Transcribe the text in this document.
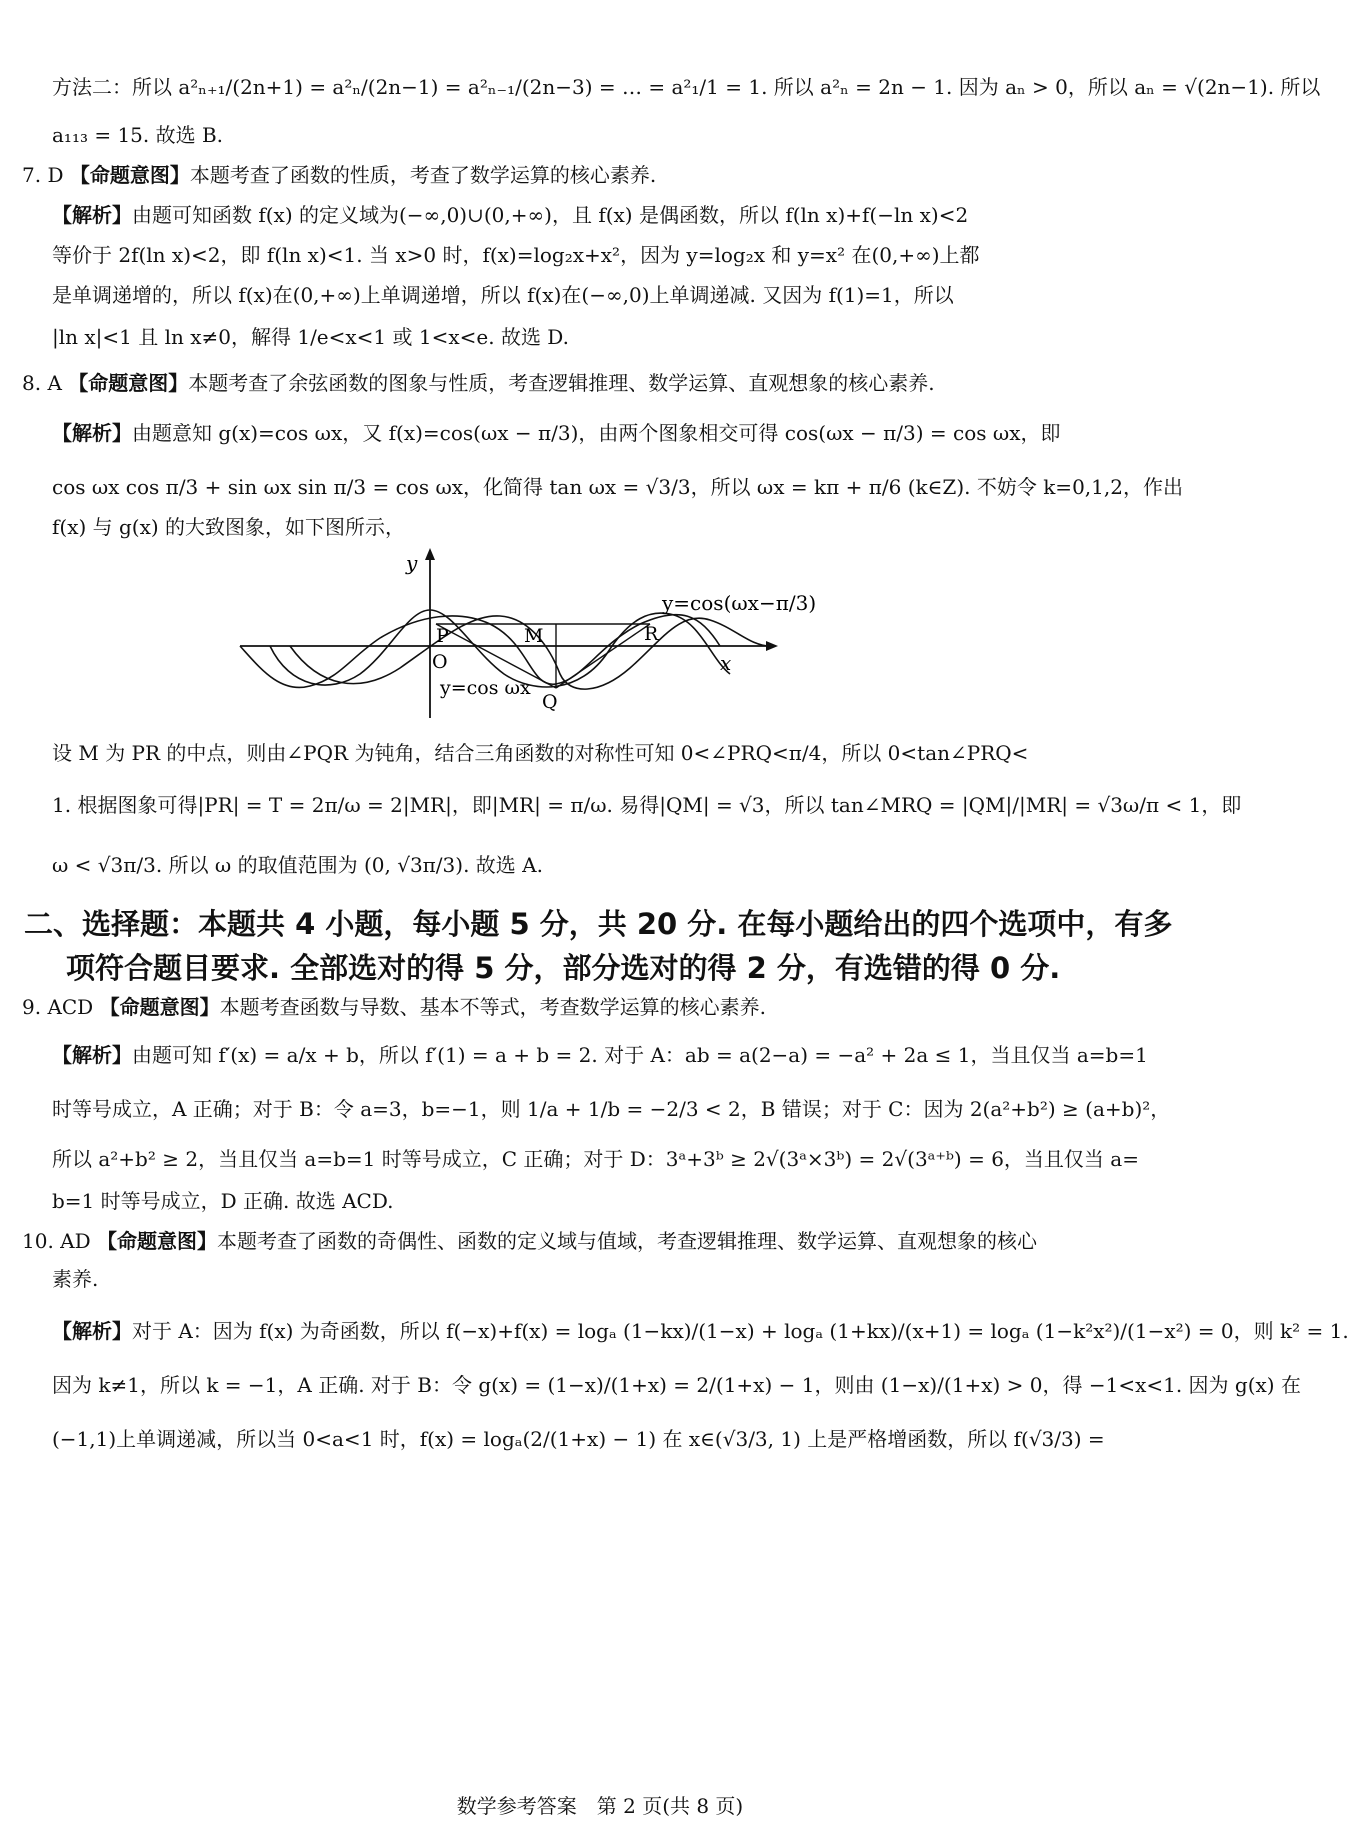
方法二：所以 a²ₙ₊₁/(2n+1) = a²ₙ/(2n−1) = a²ₙ₋₁/(2n−3) = … = a²₁/1 = 1. 所以 a²ₙ = 2n − 1. 因为 aₙ > 0，所以 aₙ = √(2n−1). 所以
a₁₁₃ = 15. 故选 B.
7. D 【命题意图】本题考查了函数的性质，考查了数学运算的核心素养.
【解析】由题可知函数 f(x) 的定义域为(−∞,0)∪(0,+∞)，且 f(x) 是偶函数，所以 f(ln x)+f(−ln x)<2
等价于 2f(ln x)<2，即 f(ln x)<1. 当 x>0 时，f(x)=log₂x+x²，因为 y=log₂x 和 y=x² 在(0,+∞)上都
是单调递增的，所以 f(x)在(0,+∞)上单调递增，所以 f(x)在(−∞,0)上单调递减. 又因为 f(1)=1，所以
|ln x|<1 且 ln x≠0，解得 1/e<x<1 或 1<x<e. 故选 D.
8. A 【命题意图】本题考查了余弦函数的图象与性质，考查逻辑推理、数学运算、直观想象的核心素养.
【解析】由题意知 g(x)=cos ωx，又 f(x)=cos(ωx − π/3)，由两个图象相交可得 cos(ωx − π/3) = cos ωx，即
cos ωx cos π/3 + sin ωx sin π/3 = cos ωx，化简得 tan ωx = √3/3，所以 ωx = kπ + π/6 (k∈Z). 不妨令 k=0,1,2，作出
f(x) 与 g(x) 的大致图象，如下图所示，
y
x
O
P	M	R
Q
y=cos(ωx−π/3)
y=cos ωx
设 M 为 PR 的中点，则由∠PQR 为钝角，结合三角函数的对称性可知 0<∠PRQ<π/4，所以 0<tan∠PRQ<
1. 根据图象可得|PR| = T = 2π/ω = 2|MR|，即|MR| = π/ω. 易得|QM| = √3，所以 tan∠MRQ = |QM|/|MR| = √3ω/π < 1，即
ω < √3π/3. 所以 ω 的取值范围为 (0, √3π/3). 故选 A.
二、选择题：本题共 4 小题，每小题 5 分，共 20 分. 在每小题给出的四个选项中，有多
项符合题目要求. 全部选对的得 5 分，部分选对的得 2 分，有选错的得 0 分.
9. ACD 【命题意图】本题考查函数与导数、基本不等式，考查数学运算的核心素养.
【解析】由题可知 f′(x) = a/x + b，所以 f′(1) = a + b = 2. 对于 A：ab = a(2−a) = −a² + 2a ≤ 1，当且仅当 a=b=1
时等号成立，A 正确；对于 B：令 a=3，b=−1，则 1/a + 1/b = −2/3 < 2，B 错误；对于 C：因为 2(a²+b²) ≥ (a+b)²，
所以 a²+b² ≥ 2，当且仅当 a=b=1 时等号成立，C 正确；对于 D：3ᵃ+3ᵇ ≥ 2√(3ᵃ×3ᵇ) = 2√(3ᵃ⁺ᵇ) = 6，当且仅当 a=
b=1 时等号成立，D 正确. 故选 ACD.
10. AD 【命题意图】本题考查了函数的奇偶性、函数的定义域与值域，考查逻辑推理、数学运算、直观想象的核心
素养.
【解析】对于 A：因为 f(x) 为奇函数，所以 f(−x)+f(x) = logₐ (1−kx)/(1−x) + logₐ (1+kx)/(x+1) = logₐ (1−k²x²)/(1−x²) = 0，则 k² = 1.
因为 k≠1，所以 k = −1，A 正确. 对于 B：令 g(x) = (1−x)/(1+x) = 2/(1+x) − 1，则由 (1−x)/(1+x) > 0，得 −1<x<1. 因为 g(x) 在
(−1,1)上单调递减，所以当 0<a<1 时，f(x) = logₐ(2/(1+x) − 1) 在 x∈(√3/3, 1) 上是严格增函数，所以 f(√3/3) =
数学参考答案　第 2 页(共 8 页)
